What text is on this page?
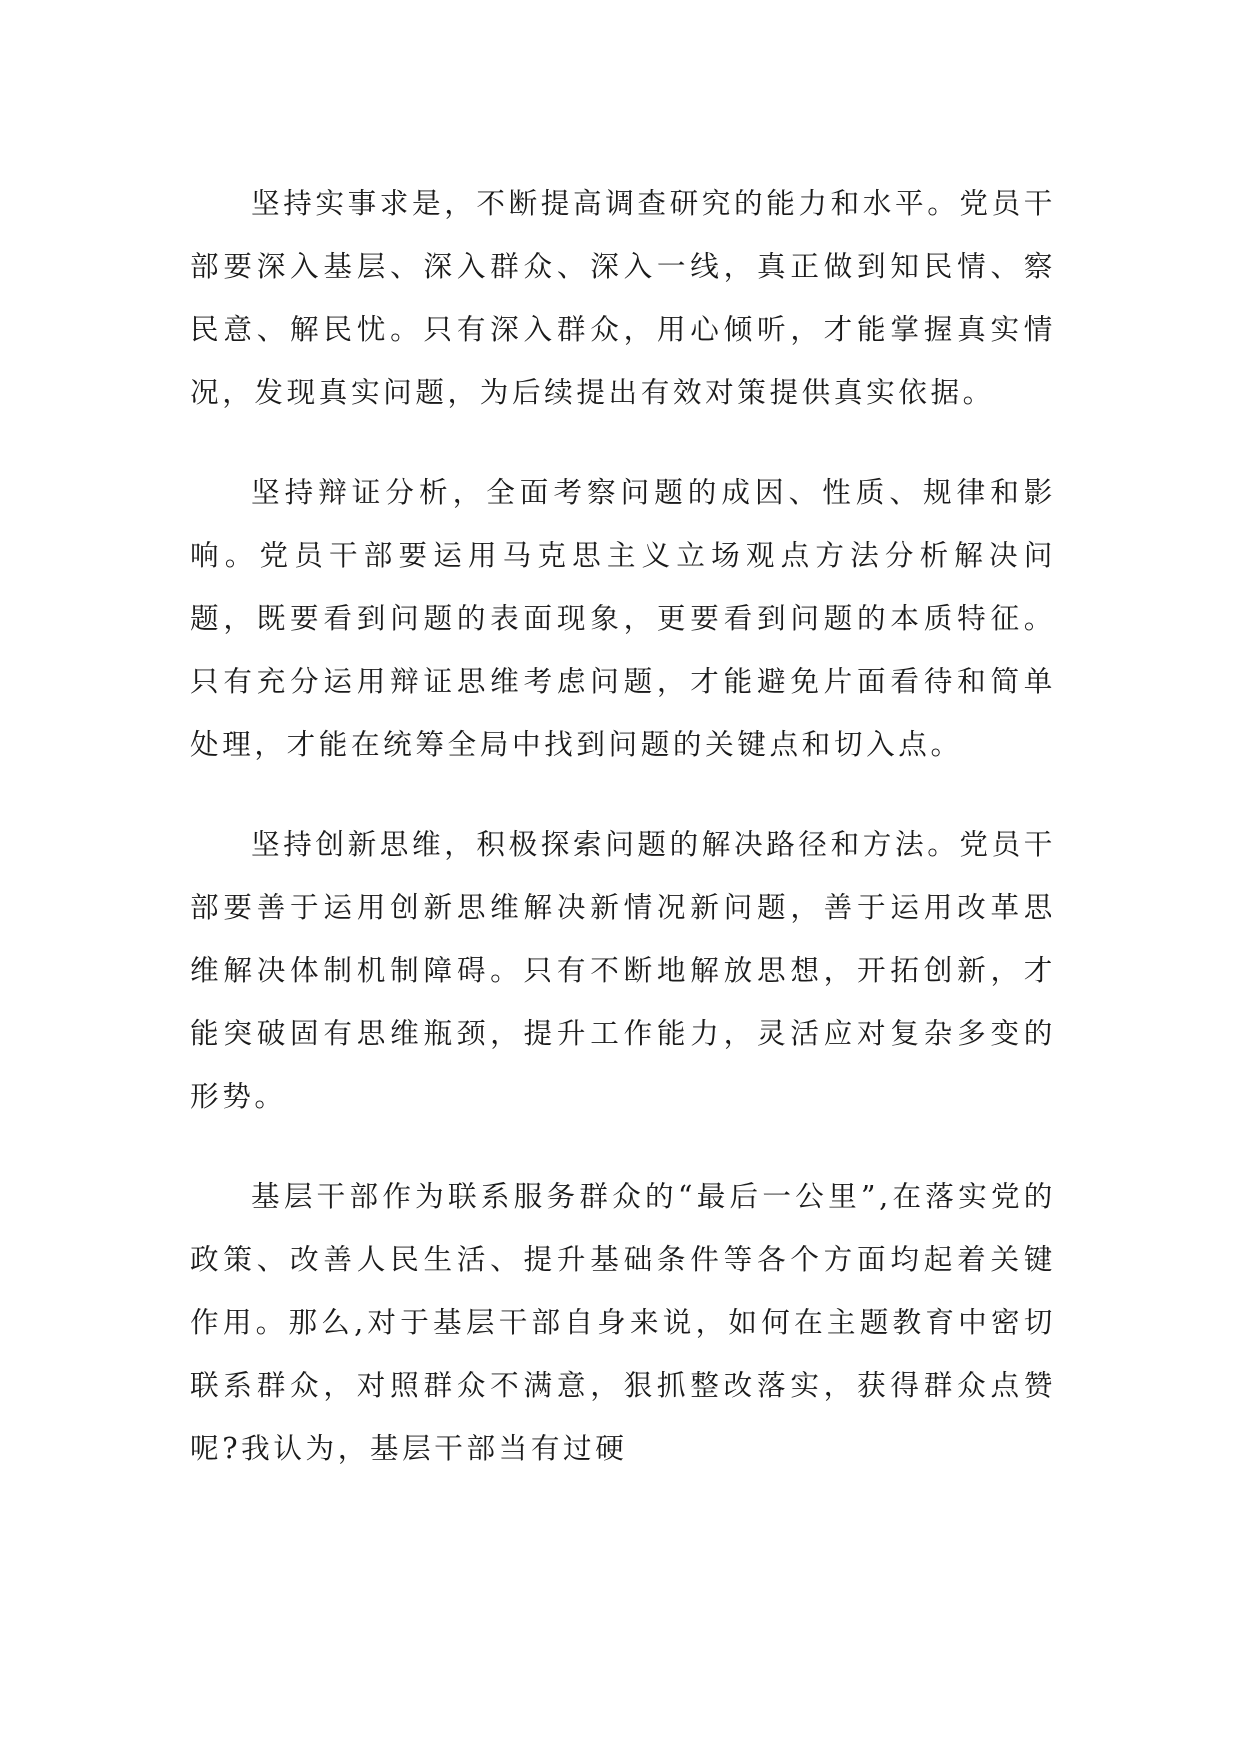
坚持实事求是，不断提高调查研究的能力和水平。党员干部要深入基层、深入群众、深入一线，真正做到知民情、察民意、解民忧。只有深入群众，用心倾听，才能掌握真实情况，发现真实问题，为后续提出有效对策提供真实依据。

坚持辩证分析，全面考察问题的成因、性质、规律和影响。党员干部要运用马克思主义立场观点方法分析解决问题，既要看到问题的表面现象，更要看到问题的本质特征。只有充分运用辩证思维考虑问题，才能避免片面看待和简单处理，才能在统筹全局中找到问题的关键点和切入点。

坚持创新思维，积极探索问题的解决路径和方法。党员干部要善于运用创新思维解决新情况新问题，善于运用改革思维解决体制机制障碍。只有不断地解放思想，开拓创新，才能突破固有思维瓶颈，提升工作能力，灵活应对复杂多变的形势。

基层干部作为联系服务群众的“最后一公里”,在落实党的政策、改善人民生活、提升基础条件等各个方面均起着关键作用。那么,对于基层干部自身来说，如何在主题教育中密切联系群众，对照群众不满意，狠抓整改落实，获得群众点赞呢?我认为，基层干部当有过硬
